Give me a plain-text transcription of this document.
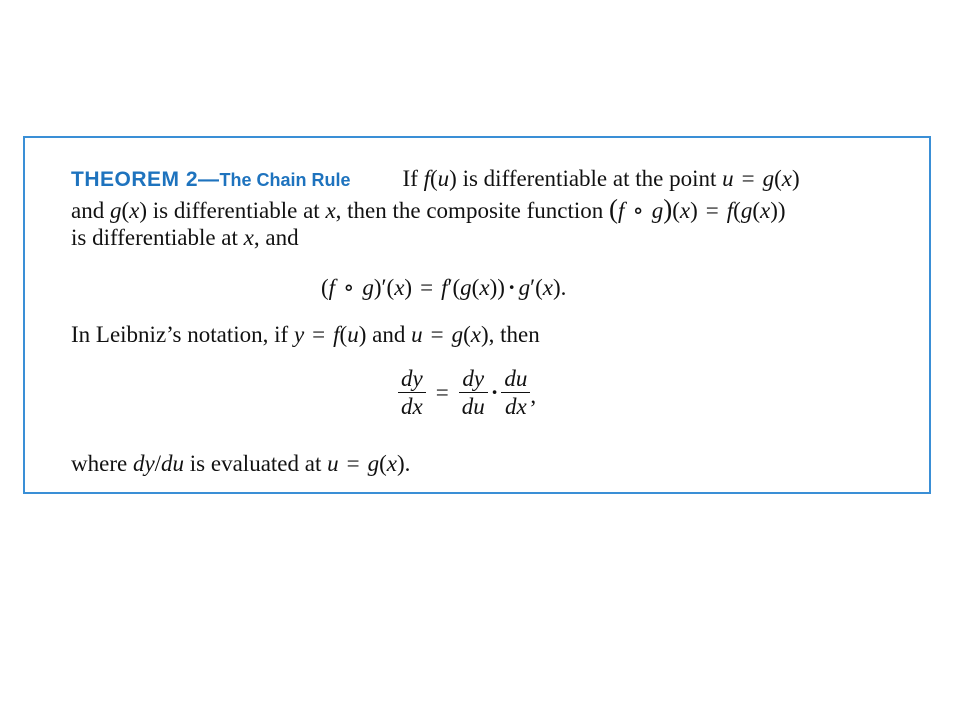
THEOREM 2—The Chain Rule If f(u) is differentiable at the point u = g(x)
and g(x) is differentiable at x, then the composite function (f ∘ g)(x) = f(g(x))
is differentiable at x, and
(f ∘ g)′(x) = f′(g(x)) · g′(x).
In Leibniz’s notation, if y = f(u) and u = g(x), then
where dy/du is evaluated at u = g(x).
$\frac{dy}{dx} = \frac{dy}{du} \cdot \frac{du}{dx}$ ,
